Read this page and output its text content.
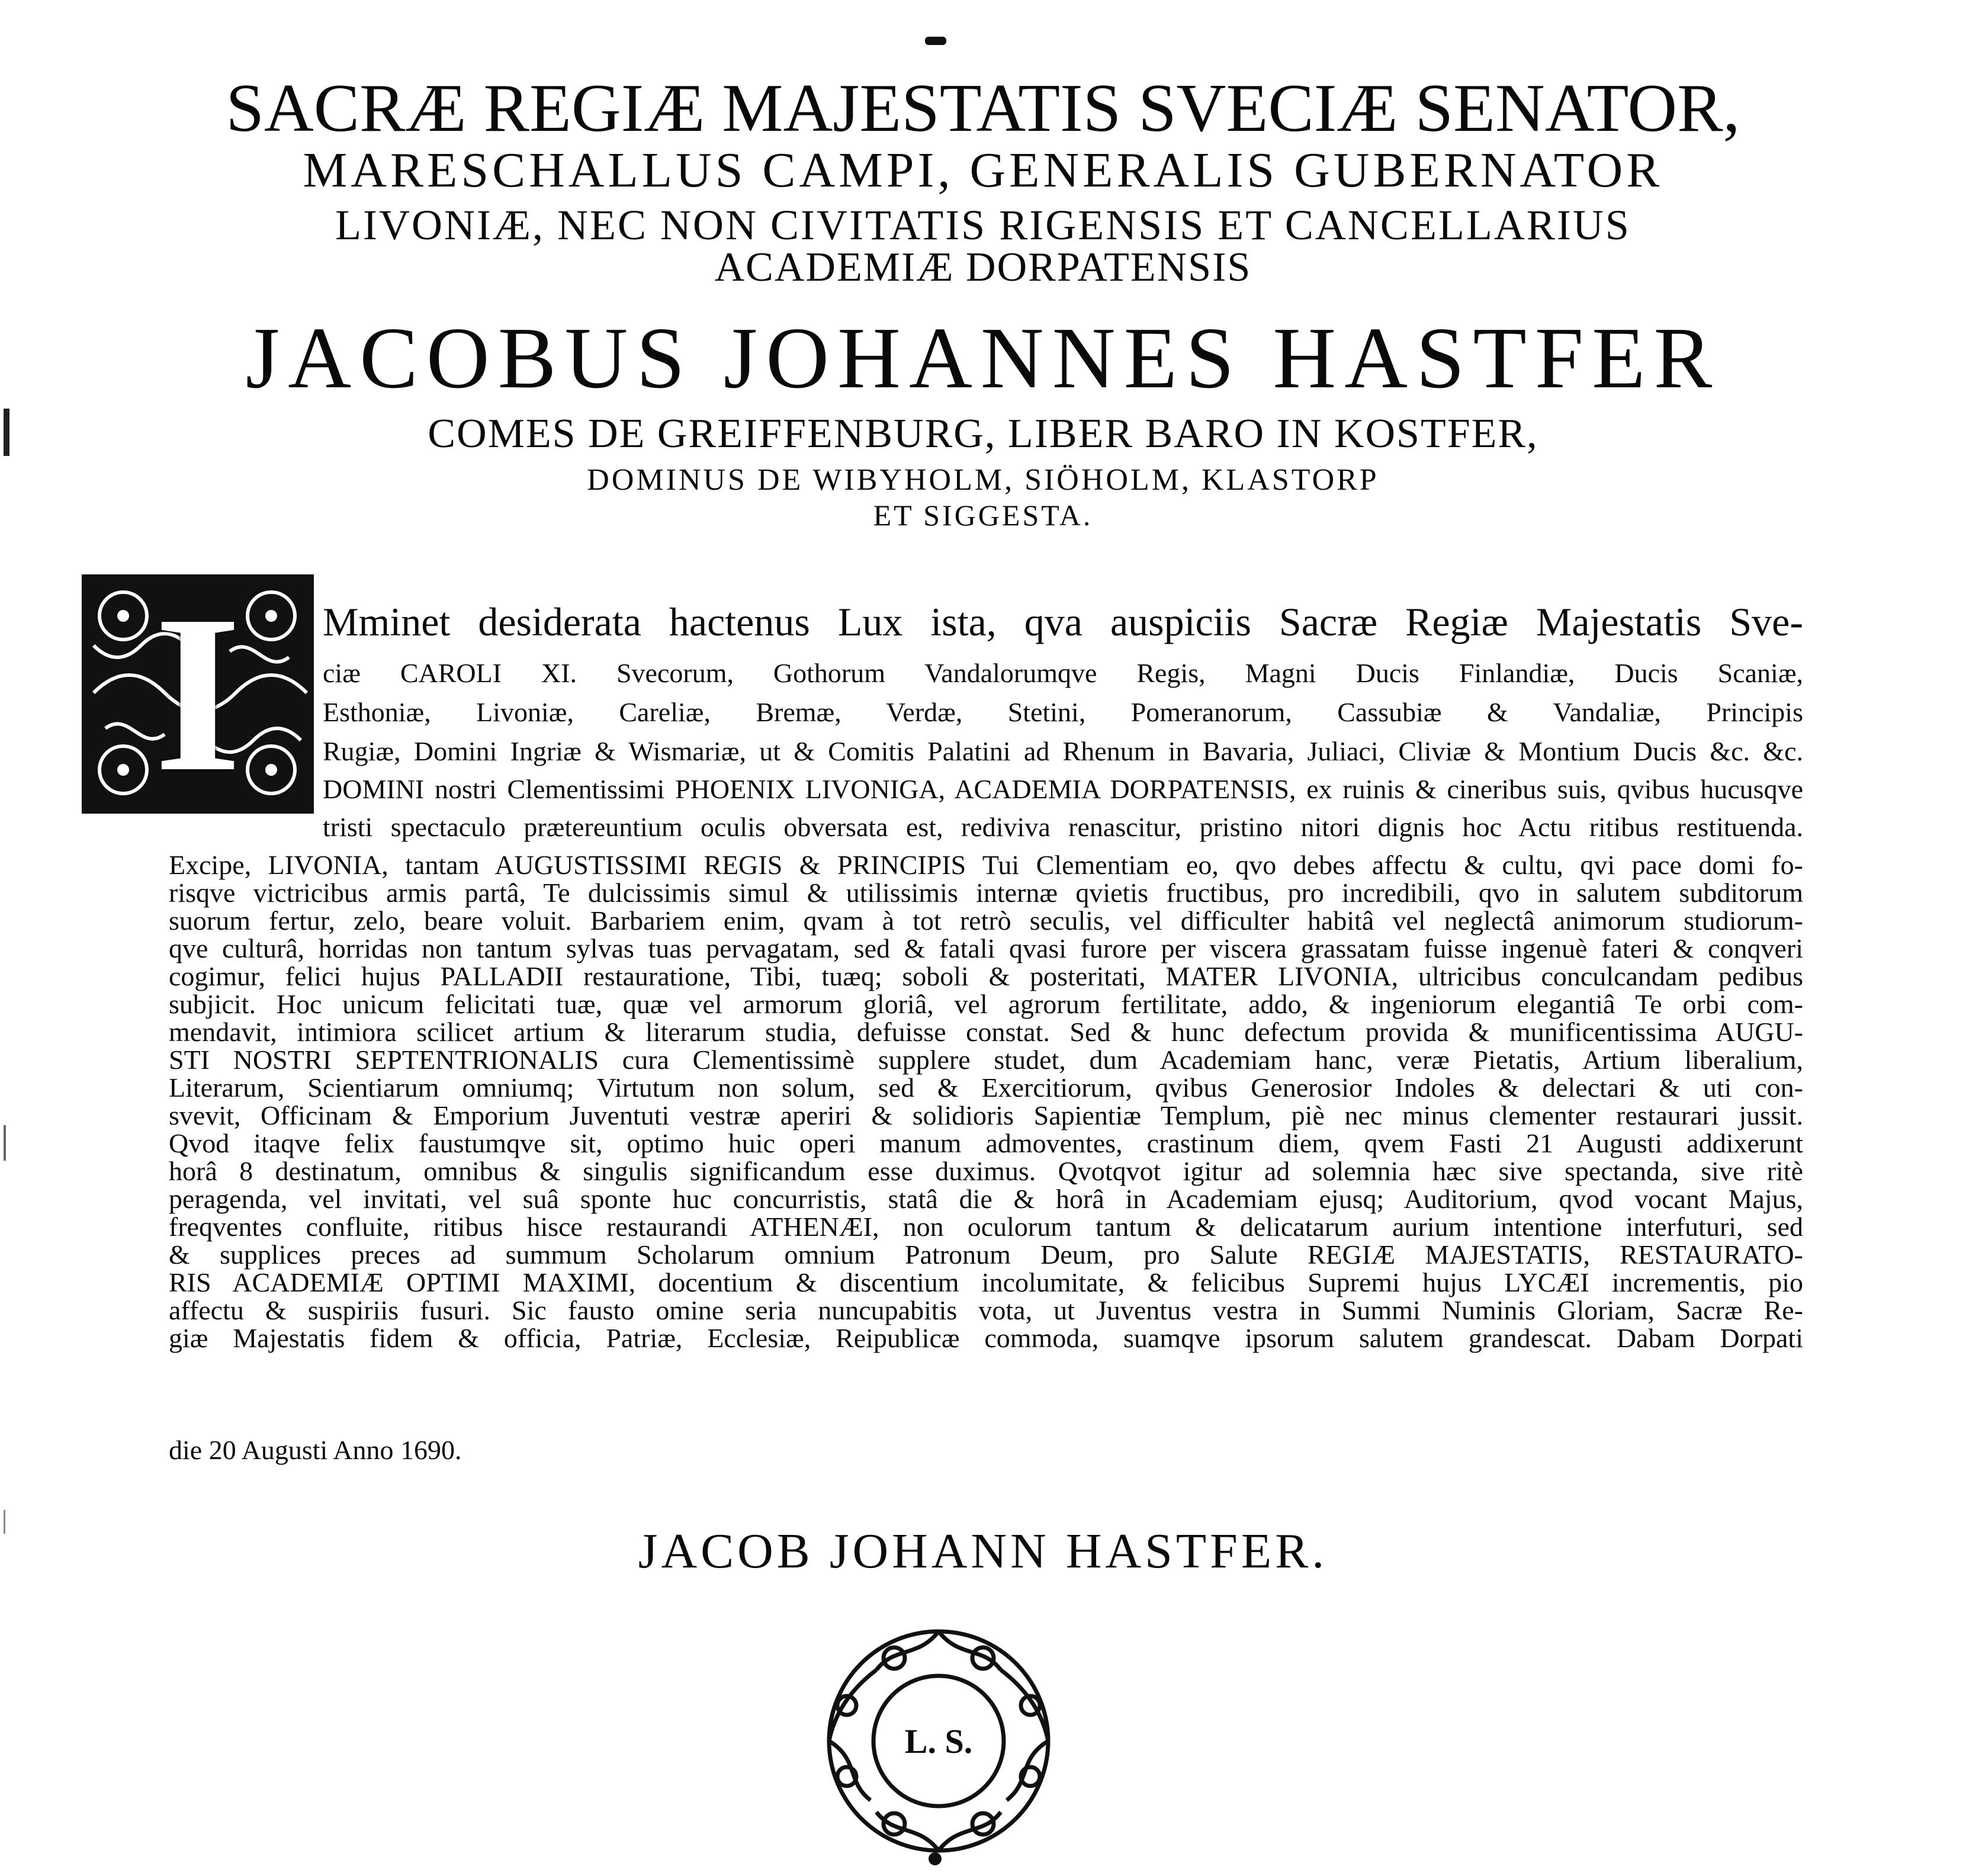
SACRÆ REGIÆ MAJESTATIS SVECIÆ SENATOR,
MARESCHALLUS CAMPI, GENERALIS GUBERNATOR
LIVONIÆ, NEC NON CIVITATIS RIGENSIS ET CANCELLARIUS
ACADEMIÆ DORPATENSIS
JACOBUS JOHANNES HASTFER
COMES DE GREIFFENBURG, LIBER BARO IN KOSTFER,
DOMINUS DE WIBYHOLM, SIÖHOLM, KLASTORP
ET SIGGESTA.
I	Mminet desiderata hactenus Lux ista, qva auspiciis Sacræ Regiæ Majestatis Sve-
ciæ CAROLI XI. Svecorum, Gothorum Vandalorumqve Regis, Magni Ducis Finlandiæ, Ducis Scaniæ,
Esthoniæ, Livoniæ, Careliæ, Bremæ, Verdæ, Stetini, Pomeranorum, Cassubiæ & Vandaliæ, Principis
Rugiæ, Domini Ingriæ & Wismariæ, ut & Comitis Palatini ad Rhenum in Bavaria, Juliaci, Cliviæ & Montium Ducis &c. &c.
DOMINI nostri Clementissimi PHOENIX LIVONIGA, ACADEMIA DORPATENSIS, ex ruinis & cineribus suis, qvibus hucusqve
tristi spectaculo prætereuntium oculis obversata est, rediviva renascitur, pristino nitori dignis hoc Actu ritibus restituenda.
Excipe, LIVONIA, tantam AUGUSTISSIMI REGIS & PRINCIPIS Tui Clementiam eo, qvo debes affectu & cultu, qvi pace domi fo-
risqve victricibus armis partâ, Te dulcissimis simul & utilissimis internæ qvietis fructibus, pro incredibili, qvo in salutem subditorum
suorum fertur, zelo, beare voluit. Barbariem enim, qvam à tot retrò seculis, vel difficulter habitâ vel neglectâ animorum studiorum-
qve culturâ, horridas non tantum sylvas tuas pervagatam, sed & fatali qvasi furore per viscera grassatam fuisse ingenuè fateri & conqveri
cogimur, felici hujus PALLADII restauratione, Tibi, tuæq; soboli & posteritati, MATER LIVONIA, ultricibus conculcandam pedibus
subjicit. Hoc unicum felicitati tuæ, quæ vel armorum gloriâ, vel agrorum fertilitate, addo, & ingeniorum elegantiâ Te orbi com-
mendavit, intimiora scilicet artium & literarum studia, defuisse constat. Sed & hunc defectum provida & munificentissima AUGU-
STI NOSTRI SEPTENTRIONALIS cura Clementissimè supplere studet, dum Academiam hanc, veræ Pietatis, Artium liberalium,
Literarum, Scientiarum omniumq; Virtutum non solum, sed & Exercitiorum, qvibus Generosior Indoles & delectari & uti con-
svevit, Officinam & Emporium Juventuti vestræ aperiri & solidioris Sapientiæ Templum, piè nec minus clementer restaurari jussit.
Qvod itaqve felix faustumqve sit, optimo huic operi manum admoventes, crastinum diem, qvem Fasti 21 Augusti addixerunt
horâ 8 destinatum, omnibus & singulis significandum esse duximus. Qvotqvot igitur ad solemnia hæc sive spectanda, sive ritè
peragenda, vel invitati, vel suâ sponte huc concurristis, statâ die & horâ in Academiam ejusq; Auditorium, qvod vocant Majus,
freqventes confluite, ritibus hisce restaurandi ATHENÆI, non oculorum tantum & delicatarum aurium intentione interfuturi, sed
& supplices preces ad summum Scholarum omnium Patronum Deum, pro Salute REGIÆ MAJESTATIS, RESTAURATO-
RIS ACADEMIÆ OPTIMI MAXIMI, docentium & discentium incolumitate, & felicibus Supremi hujus LYCÆI incrementis, pio
affectu & suspiriis fusuri. Sic fausto omine seria nuncupabitis vota, ut Juventus vestra in Summi Numinis Gloriam, Sacræ Re-
giæ Majestatis fidem & officia, Patriæ, Ecclesiæ, Reipublicæ commoda, suamqve ipsorum salutem grandescat. Dabam Dorpati
die 20 Augusti Anno 1690.
JACOB JOHANN HASTFER.
L. S.
